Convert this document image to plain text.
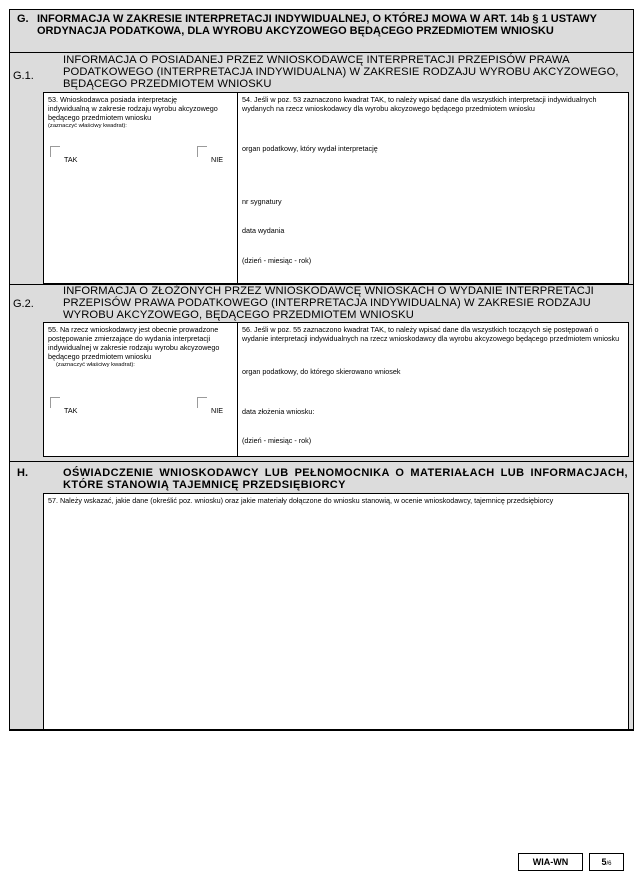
G. INFORMACJA W ZAKRESIE INTERPRETACJI INDYWIDUALNEJ, O KTÓREJ MOWA W ART. 14b § 1 USTAWY ORDYNACJA PODATKOWA, DLA WYROBU AKCYZOWEGO BĘDĄCEGO PRZEDMIOTEM WNIOSKU
G.1.
INFORMACJA O POSIADANEJ PRZEZ WNIOSKODAWCĘ INTERPRETACJI PRZEPISÓW PRAWA PODATKOWEGO (INTERPRETACJA INDYWIDUALNA) W ZAKRESIE RODZAJU WYROBU AKCYZOWEGO, BĘDĄCEGO PRZEDMIOTEM WNIOSKU
53. Wnioskodawca posiada interpretację indywidualną w zakresie rodzaju wyrobu akcyzowego będącego przedmiotem wniosku
(zaznaczyć właściwy kwadrat):
TAK	NIE
54. Jeśli w poz. 53 zaznaczono kwadrat TAK, to należy wpisać dane dla wszystkich interpretacji indywidualnych wydanych na rzecz wnioskodawcy dla wyrobu akcyzowego będącego przedmiotem wniosku
organ podatkowy, który wydał interpretację
nr sygnatury
data wydania
(dzień - miesiąc - rok)
G.2.
INFORMACJA O ZŁOŻONYCH PRZEZ WNIOSKODAWCĘ WNIOSKACH O WYDANIE INTERPRETACJI PRZEPISÓW PRAWA PODATKOWEGO (INTERPRETACJA INDYWIDUALNA) W ZAKRESIE RODZAJU WYROBU AKCYZOWEGO, BĘDĄCEGO PRZEDMIOTEM WNIOSKU
55. Na rzecz wnioskodawcy jest obecnie prowadzone postępowanie zmierzające do wydania interpretacji indywidualnej w zakresie rodzaju wyrobu akcyzowego będącego przedmiotem wniosku
(zaznaczyć właściwy kwadrat):
TAK	NIE
56. Jeśli w poz. 55 zaznaczono kwadrat TAK, to należy wpisać dane dla wszystkich toczących się postępowań o wydanie interpretacji indywidualnych na rzecz wnioskodawcy dla wyrobu akcyzowego będącego przedmiotem wniosku
organ podatkowy, do którego skierowano wniosek
data złożenia wniosku:
(dzień - miesiąc - rok)
H.	OŚWIADCZENIE WNIOSKODAWCY LUB PEŁNOMOCNIKA O MATERIAŁACH LUB INFORMACJACH, KTÓRE STANOWIĄ TAJEMNICĘ PRZEDSIĘBIORCY
57. Należy wskazać, jakie dane (określić poz. wniosku) oraz jakie materiały dołączone do wniosku stanowią, w ocenie wnioskodawcy, tajemnicę przedsiębiorcy
WIA-WN	5/6
